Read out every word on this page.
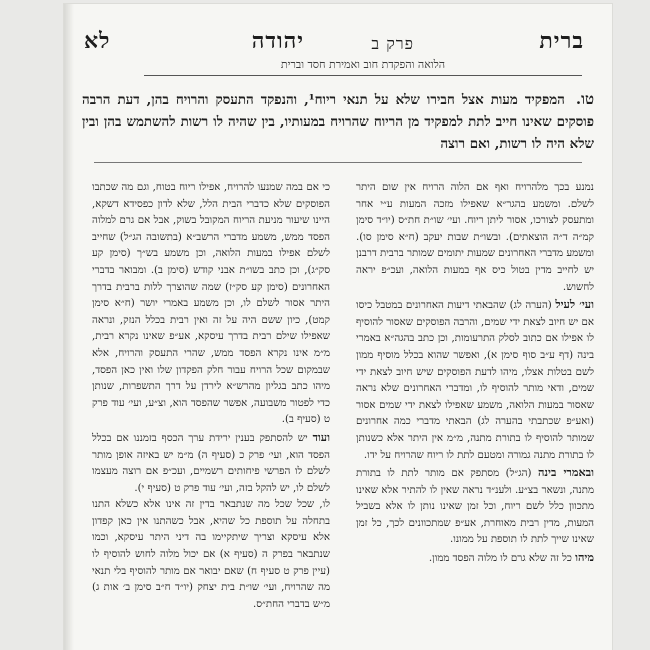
ברית
פרק ב
יהודה
לא
הלואה והפקדת חוב ואמירת חסד וברית
טו. המפקיד מעות אצל חבירו שלא על תנאי ריוח¹, והנפקד התעסק והרויח בהן, דעת הרבה פוסקים שאינו חייב לתת למפקיד מן הריוח שהרויח במעותיו, בין שהיה לו רשות להשתמש בהן ובין שלא היה לו רשות, ואם רוצה

נמנע בכך מלהרויח ואף אם הלוה הרויח אין שום היתר לשלם. ומשמע בהגר״א שאפילו מזכה המעות ע״י אחר ומתעסק לצורכו, אסור ליתן ריוח. ועי׳ שו״ת חת״ס (יו״ד סימן קמ״ה ד״ה הוצאתים). ובשו״ת שבות יעקב (ח״א סימן סו). ומשמע מדברי האחרונים שמעות יתומים שמותר ברבית דרבנן יש לחייב מדין בטול כיס אף במעות הלואה, ועכ״פ יראה לחשוש.

ועי׳ לעיל (הערה לג) שהבאתי דיעות האחרונים במטבל כיסו אם יש חיוב לצאת ידי שמים, והרבה הפוסקים שאסור להוסיף לו אפילו אם כתוב לסלק התרעומות, וכן כתב בהגה״א באמרי בינה (דף ע״ב סוף סימן א), ואפשר שהוא בכלל מוסיף ממון לשם בטלות אצלו, מיהו לדעת הפוסקים שיש חיוב לצאת ידי שמים, ודאי מותר להוסיף לו, ומדברי האחרונים שלא נראה שאסור במעות הלואה, משמע שאפילו לצאת ידי שמים אסור (ואע״פ שכתבתי בהערה לג) הבאתי מדברי כמה אחרונים שמותר להוסיף לו בתורת מתנה, מ״מ אין היתר אלא כשנותן לו בתורת מתנה גמורה ומטעם לתת לו ריוח שהרויח על ידו.

ובאמרי בינה (הג״ל) מסתפק אם מותר לתת לו בתורת מתנה, ונשאר בצ״ע. ולענ״ד נראה שאין לו להתיר אלא שאינו מתכוון כלל לשם ריוח, וכל זמן שאינו נותן לו אלא בשביל המעות, מדין רבית מאוחרת, אע״פ שמתכוונים לכך, כל זמן שאינו שייך לתת לו תוספת על ממונו.

מיהו כל זה שלא גרם לו מלוה הפסד ממון.

כי אם במה שמנעו להרויח, אפילו ריוח בטוח, וגם מה שכתבו הפוסקים שלא כדברי הבית הלל, שלא לדון כפסידא דשקא, היינו שיעור מניעת הריוח המקובל בשוק, אבל אם גרם למלוה הפסד ממש, משמע מדברי הרשב״א (בתשובה הג״ל) שחייב לשלם אפילו במעות הלואה, וכן משמע בש״ך (סימן קע סק״ג), וכן כתב בשו״ת אבני קודש (סימן ב). ומבואר בדברי האחרונים (סימן קע סק״ז) שמה שהוצרך ללות ברבית בדרך היתר אסור לשלם לו, וכן משמע באמרי יושר (ח״א סימן קמט), כיון ששם היה על זה ואין רבית בכלל הנזק, ונראה שאפילו שילם רבית בדרך עיסקא, אע״פ שאינו נקרא רבית, מ״מ אינו נקרא הפסד ממש, שהרי התעסק והרויח, אלא שבמקום שכל הרויח עבור חלק הפקדון שלו ואין כאן הפסד, מיהו כתב בגליון מהרש״א לירדן על דרך התשפרות, שנותן כדי לפטור משבועה, אפשר שהפסד הוא, וצ״ע, ועי׳ עוד פרק ט (סעיף ב).

ועוד יש להסתפק בענין ירידת ערך הכסף בזמננו אם בכלל הפסד הוא, ועי׳ פרק כ (סעיף ה) מ״מ יש באיזה אופן מותר לשלם לו הפרשי פיחותים רשמיים, ועכ״פ אם רוצה מעצמו לשלם לו, יש להקל בזה, ועי׳ עוד פרק ט (סעיף י).

לו, שכל שכל מה שנתבאר בדין זה אינו אלא כשלא התנו בתחלה על תוספת כל שהיא, אבל כשהתנו אין כאן קפדון אלא עיסקא וצריך שיתקיימו בה דיני היתר עיסקא, וכמו שנתבאר בפרק ה (סעיף א) אם יכול מלוה לחוש להוסיף לו (עיין פרק ט סעיף ח) שאם יבואר אם מותר להוסיף בלי תנאי מה שהרויח, ועי׳ שו״ת בית יצחק (יו״ד ח״ב סימן ב׳ אות ג) מ״ש בדברי החת״ס.
